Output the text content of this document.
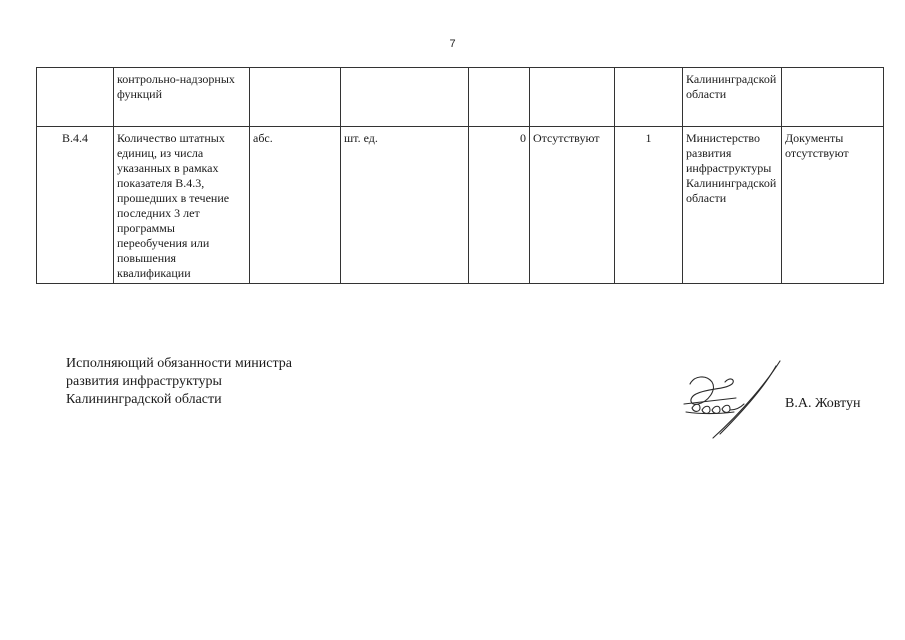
7
	контрольно-надзорных функций						Калининградской области	
В.4.4	Количество штатных единиц, из числа указанных в рамках показателя В.4.3, прошедших в течение последних 3 лет программы переобучения или повышения квалификации	абс.	шт. ед.	0	Отсутствуют	1	Министерство развития инфраструктуры Калининградской области	Документы отсутствуют
Исполняющий обязанности министра
развития инфраструктуры
Калининградской области	В.А. Жовтун
